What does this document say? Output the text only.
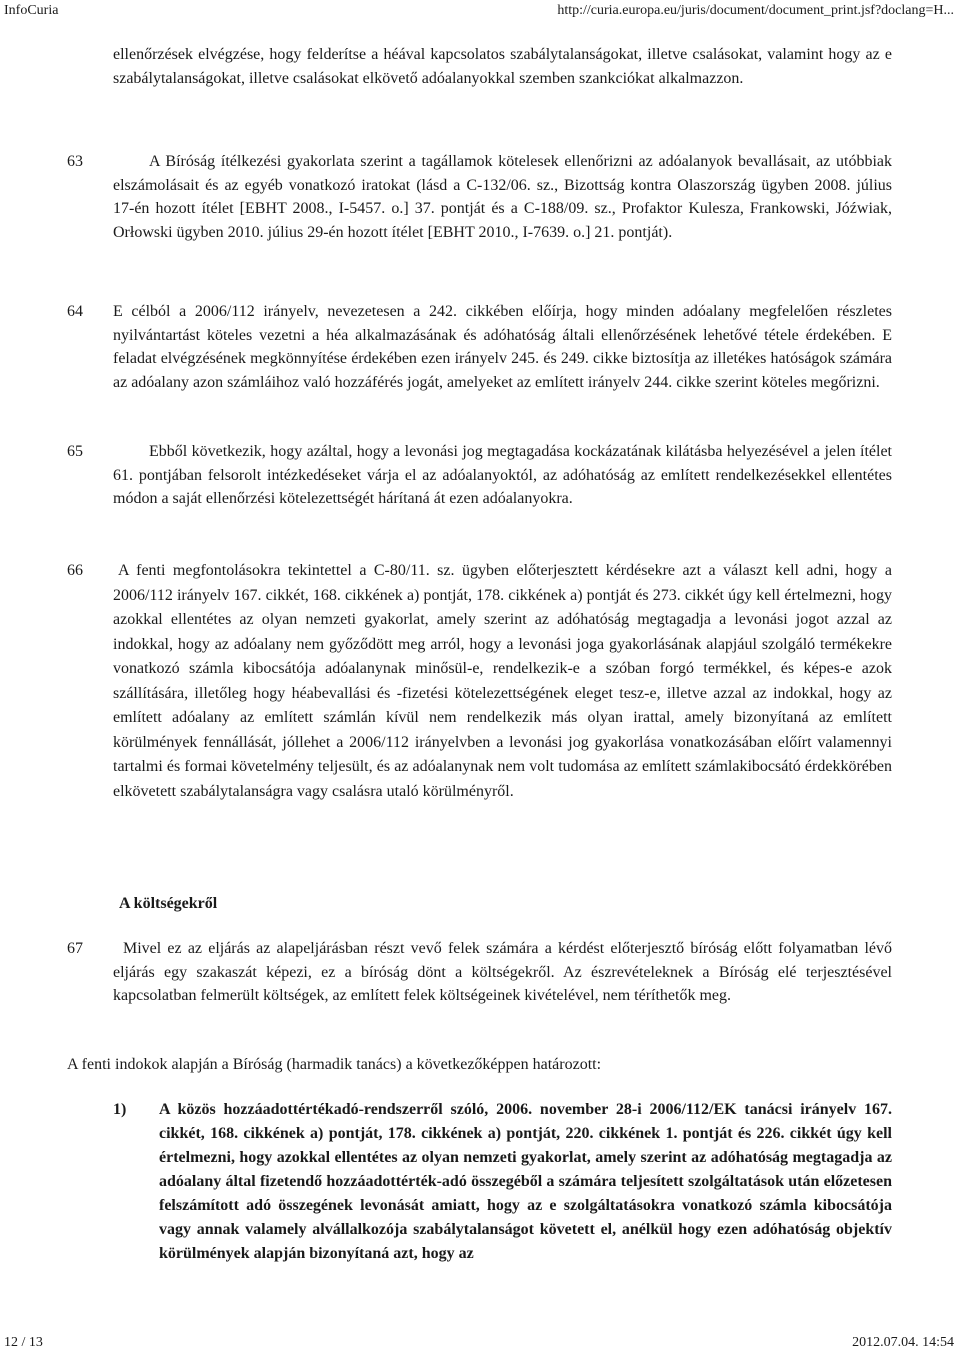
InfoCuria	http://curia.europa.eu/juris/document/document_print.jsf?doclang=H...
ellenőrzések elvégzése, hogy felderítse a héával kapcsolatos szabálytalanságokat, illetve csalásokat, valamint hogy az e szabálytalanságokat, illetve csalásokat elkövető adóalanyokkal szemben szankciókat alkalmazzon.
63	A Bíróság ítélkezési gyakorlata szerint a tagállamok kötelesek ellenőrizni az adóalanyok bevallásait, az utóbbiak elszámolásait és az egyéb vonatkozó iratokat (lásd a C‑132/06. sz., Bizottság kontra Olaszország ügyben 2008. július 17‑én hozott ítélet [EBHT 2008., I‑5457. o.] 37. pontját és a C‑188/09. sz., Profaktor Kulesza, Frankowski, Jóźwiak, Orłowski ügyben 2010. július 29‑én hozott ítélet [EBHT 2010., I‑7639. o.] 21. pontját).
64 E célból a 2006/112 irányelv, nevezetesen a 242. cikkében előírja, hogy minden adóalany megfelelően részletes nyilvántartást köteles vezetni a héa alkalmazásának és adóhatóság általi ellenőrzésének lehetővé tétele érdekében. E feladat elvégzésének megkönnyítése érdekében ezen irányelv 245. és 249. cikke biztosítja az illetékes hatóságok számára az adóalany azon számláihoz való hozzáférés jogát, amelyeket az említett irányelv 244. cikke szerint köteles megőrizni.
65	Ebből következik, hogy azáltal, hogy a levonási jog megtagadása kockázatának kilátásba helyezésével a jelen ítélet 61. pontjában felsorolt intézkedéseket várja el az adóalanyoktól, az adóhatóság az említett rendelkezésekkel ellentétes módon a saját ellenőrzési kötelezettségét hárítaná át ezen adóalanyokra.
66	A fenti megfontolásokra tekintettel a C‑80/11. sz. ügyben előterjesztett kérdésekre azt a választ kell adni, hogy a 2006/112 irányelv 167. cikkét, 168. cikkének a) pontját, 178. cikkének a) pontját és 273. cikkét úgy kell értelmezni, hogy azokkal ellentétes az olyan nemzeti gyakorlat, amely szerint az adóhatóság megtagadja a levonási jogot azzal az indokkal, hogy az adóalany nem győződött meg arról, hogy a levonási joga gyakorlásának alapjául szolgáló termékekre vonatkozó számla kibocsátója adóalanynak minősül‑e, rendelkezik‑e a szóban forgó termékkel, és képes‑e azok szállítására, illetőleg hogy héabevallási és ‑fizetési kötelezettségének eleget tesz‑e, illetve azzal az indokkal, hogy az említett adóalany az említett számlán kívül nem rendelkezik más olyan irattal, amely bizonyítaná az említett körülmények fennállását, jóllehet a 2006/112 irányelvben a levonási jog gyakorlása vonatkozásában előírt valamennyi tartalmi és formai követelmény teljesült, és az adóalanynak nem volt tudomása az említett számlakibocsátó érdekkörében elkövetett szabálytalanságra vagy csalásra utaló körülményről.
A költségekről
67	Mivel ez az eljárás az alapeljárásban részt vevő felek számára a kérdést előterjesztő bíróság előtt folyamatban lévő eljárás egy szakaszát képezi, ez a bíróság dönt a költségekről. Az észrevételeknek a Bíróság elé terjesztésével kapcsolatban felmerült költségek, az említett felek költségeinek kivételével, nem téríthetők meg.
A fenti indokok alapján a Bíróság (harmadik tanács) a következőképpen határozott:
1) A közös hozzáadottértékadó-rendszerről szóló, 2006. november 28‑i 2006/112/EK tanácsi irányelv 167. cikkét, 168. cikkének a) pontját, 178. cikkének a) pontját, 220. cikkének 1. pontját és 226. cikkét úgy kell értelmezni, hogy azokkal ellentétes az olyan nemzeti gyakorlat, amely szerint az adóhatóság megtagadja az adóalany által fizetendő hozzáadottérték‑adó összegéből a számára teljesített szolgáltatások után előzetesen felszámított adó összegének levonását amiatt, hogy az e szolgáltatásokra vonatkozó számla kibocsátója vagy annak valamely alvállalkozója szabálytalanságot követett el, anélkül hogy ezen adóhatóság objektív körülmények alapján bizonyítaná azt, hogy az
12 / 13	2012.07.04. 14:54
